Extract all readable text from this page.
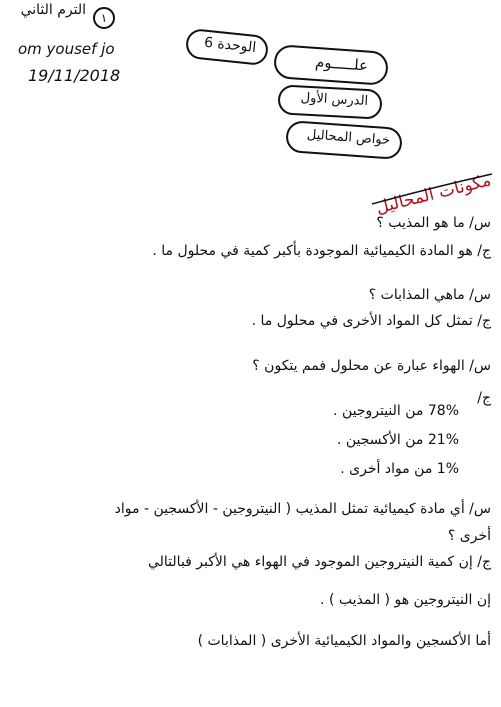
١
الترم الثاني
om yousef jo
19/11/2018
الوحدة 6
علـــــوم
الدرس الأول
خواص المحاليل
مكونات المحاليل
س/ ما هو المذيب ؟
ج/ هو المادة الكيميائية الموجودة بأكبر كمية في محلول ما .
س/ ماهي المذابات ؟
ج/ تمثل كل المواد الأخرى في محلول ما .
س/ الهواء عبارة عن محلول فمم يتكون ؟
ج/
78% من النيتروجين .
21% من الأكسجين .
1% من مواد أخرى .
س/ أي مادة كيميائية تمثل المذيب ( النيتروجين - الأكسجين - مواد
أخرى ؟
ج/ إن كمية النيتروجين الموجود في الهواء هي الأكبر فبالتالي
إن النيتروجين هو ( المذيب ) .
أما الأكسجين والمواد الكيميائية الأخرى ( المذابات )
